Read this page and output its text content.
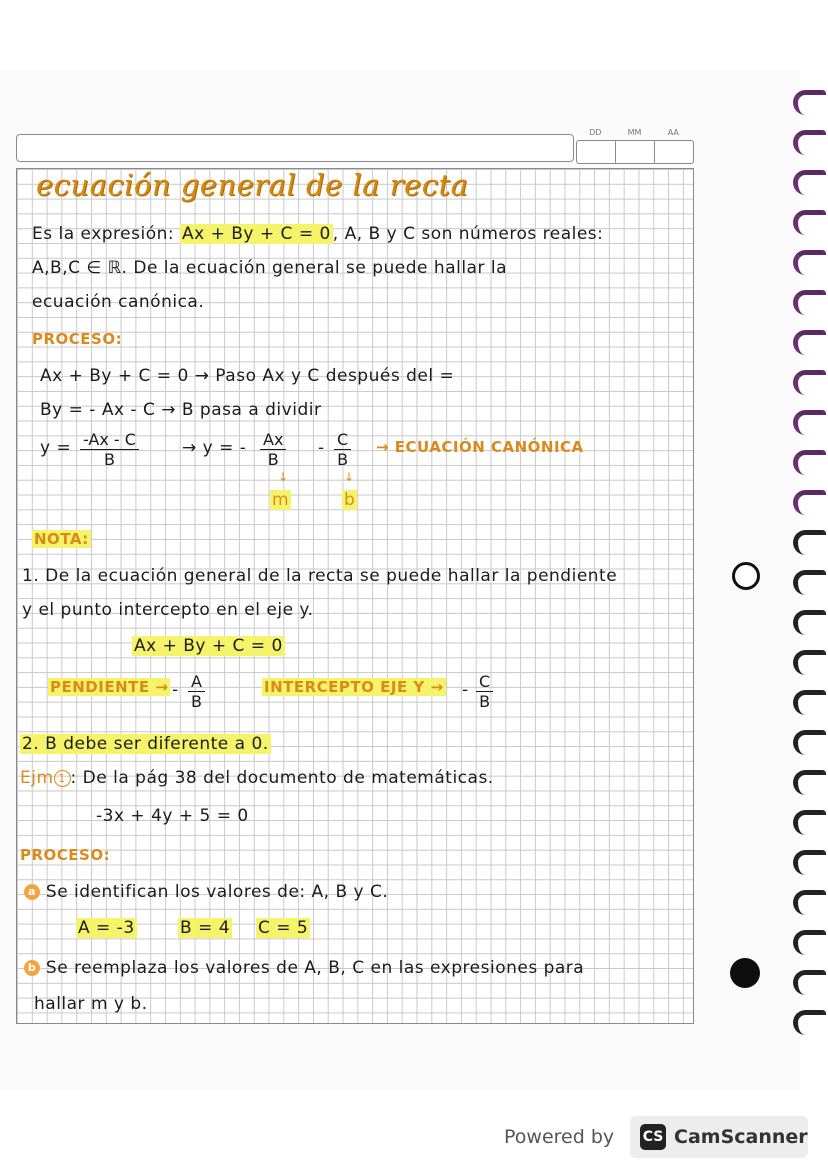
DD	MM	AA
ecuación general de la recta
Es la expresión: Ax + By + C = 0 , A, B y C son números reales:
A,B,C ∈ ℝ. De la ecuación general se puede hallar la
ecuación canónica.
PROCESO:
Ax + By + C = 0 → Paso Ax y C después del =
By = - Ax - C → B pasa a dividir
$y = \frac{-Ax - C}{B}$	→ y = - $\frac{Ax}{B} - \frac{C}{B}$ → ECUACIÓN CANÓNICA
↓	↓
m	b
NOTA:
1. De la ecuación general de la recta se puede hallar la pendiente
y el punto intercepto en el eje y.
Ax + By + C = 0
PENDIENTE → - $\frac{A}{B}$	INTERCEPTO EJE Y → - $\frac{C}{B}$
2. B debe ser diferente a 0.
Ejm 1 : De la pág 38 del documento de matemáticas.
-3x + 4y + 5 = 0
PROCESO:
a Se identifican los valores de: A, B y C.
A = -3	B = 4 C = 5
b Se reemplaza los valores de A, B, C en las expresiones para
hallar m y b.
Powered by CS CamScanner
